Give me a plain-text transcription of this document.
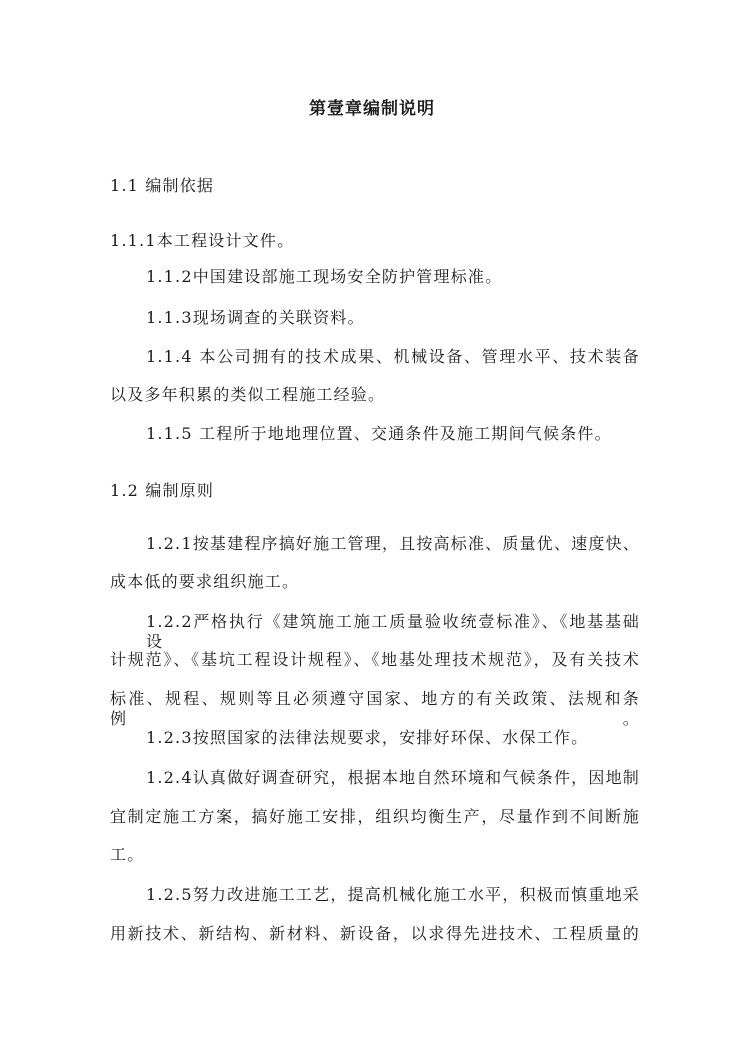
第壹章编制说明
1.1 编制依据
1.1.1本工程设计文件。
1.1.2中国建设部施工现场安全防护管理标准。
1.1.3现场调查的关联资料。
1.1.4 本公司拥有的技术成果、机械设备、管理水平、技术装备
以及多年积累的类似工程施工经验。
1.1.5 工程所于地地理位置、交通条件及施工期间气候条件。
1.2 编制原则
1.2.1按基建程序搞好施工管理，且按高标准、质量优、速度快、
成本低的要求组织施工。
1.2.2严格执行《建筑施工施工质量验收统壹标准》、《地基基础设
计规范》、《基坑工程设计规程》、《地基处理技术规范》，及有关技术
标准、规程、规则等且必须遵守国家、地方的有关政策、法规和条例。
1.2.3按照国家的法律法规要求，安排好环保、水保工作。
1.2.4认真做好调查研究，根据本地自然环境和气候条件，因地制
宜制定施工方案，搞好施工安排，组织均衡生产，尽量作到不间断施
工。
1.2.5努力改进施工工艺，提高机械化施工水平，积极而慎重地采
用新技术、新结构、新材料、新设备，以求得先进技术、工程质量的
